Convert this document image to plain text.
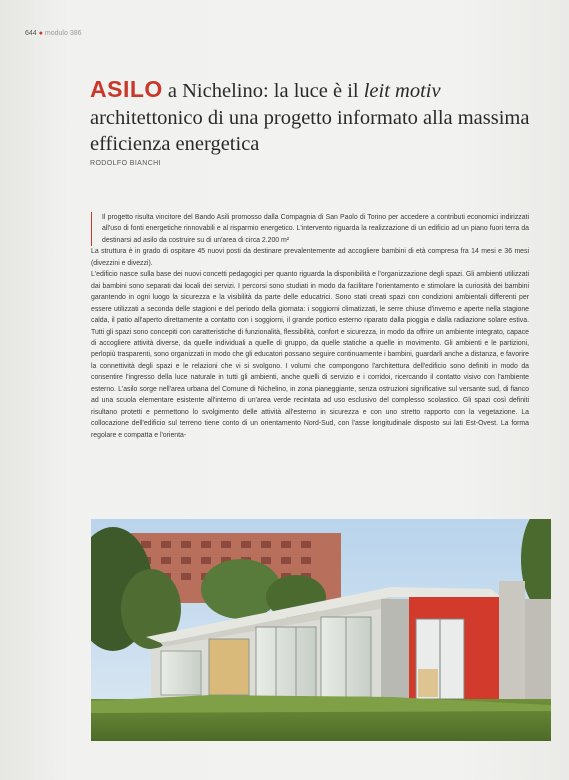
644 ● modulo 386
ASILO a Nichelino: la luce è il leit motiv architettonico di una progetto informato alla massima efficienza energetica
RODOLFO BIANCHI

Il progetto risulta vincitore del Bando Asili promosso dalla Compagnia di San Paolo di Torino per accedere a contributi economici indirizzati all'uso di fonti energetiche rinnovabili e al risparmio energetico. L'intervento riguarda la realizzazione di un edificio ad un piano fuori terra da destinarsi ad asilo da costruire su di un'area di circa 2.200 m²

La struttura è in grado di ospitare 45 nuovi posti da destinare prevalentemente ad accogliere bambini di età compresa fra 14 mesi e 36 mesi (divezzini e divezzi).

L'edificio nasce sulla base dei nuovi concetti pedagogici per quanto riguarda la disponibilità e l'organizzazione degli spazi. Gli ambienti utilizzati dai bambini sono separati dai locali dei servizi. I percorsi sono studiati in modo da facilitare l'orientamento e stimolare la curiosità dei bambini garantendo in ogni luogo la sicurezza e la visibilità da parte delle educatrici. Sono stati creati spazi con condizioni ambientali differenti per essere utilizzati a seconda delle stagioni e del periodo della giornata: i soggiorni climatizzati, le serre chiuse d'inverno e aperte nella stagione calda, il patio all'aperto direttamente a contatto con i soggiorni, il grande portico esterno riparato dalla pioggia e dalla radiazione solare estiva. Tutti gli spazi sono concepiti con caratteristiche di funzionalità, flessibilità, confort e sicurezza, in modo da offrire un ambiente integrato, capace di accogliere attività diverse, da quelle individuali a quelle di gruppo, da quelle statiche a quelle in movimento. Gli ambienti e le partizioni, perlopiù trasparenti, sono organizzati in modo che gli educatori possano seguire continuamente i bambini, guardarli anche a distanza, e favorire la connettività degli spazi e le relazioni che vi si svolgono. I volumi che compongono l'architettura dell'edificio sono definiti in modo da consentire l'ingresso della luce naturale in tutti gli ambienti, anche quelli di servizio e i corridoi, ricercando il contatto visivo con l'ambiente esterno. L'asilo sorge nell'area urbana del Comune di Nichelino, in zona pianeggiante, senza ostruzioni significative sul versante sud, di fianco ad una scuola elementare esistente all'interno di un'area verde recintata ad uso esclusivo del complesso scolastico. Gli spazi così definiti risultano protetti e permettono lo svolgimento delle attività all'esterno in sicurezza e con uno stretto rapporto con la vegetazione. La collocazione dell'edificio sul terreno tiene conto di un orientamento Nord-Sud, con l'asse longitudinale disposto sui lati Est-Ovest. La forma regolare e compatta e l'orienta-
